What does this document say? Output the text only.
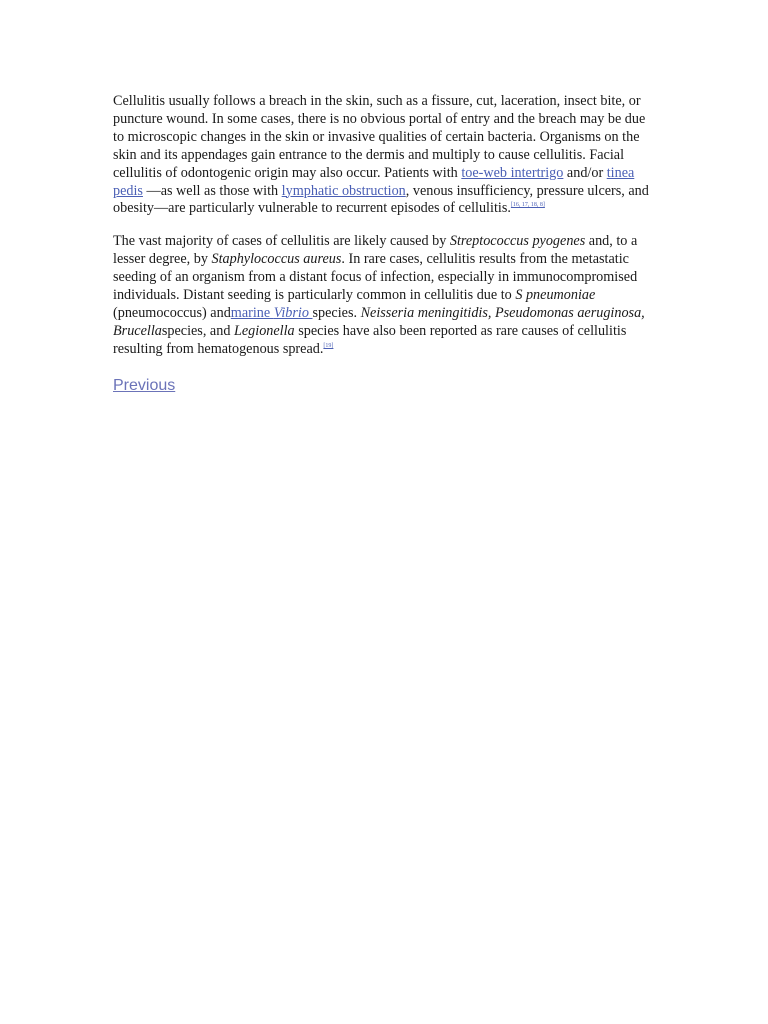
Cellulitis usually follows a breach in the skin, such as a fissure, cut, laceration, insect bite, or puncture wound. In some cases, there is no obvious portal of entry and the breach may be due to microscopic changes in the skin or invasive qualities of certain bacteria. Organisms on the skin and its appendages gain entrance to the dermis and multiply to cause cellulitis. Facial cellulitis of odontogenic origin may also occur. Patients with toe-web intertrigo and/or tinea pedis —as well as those with lymphatic obstruction, venous insufficiency, pressure ulcers, and obesity—are particularly vulnerable to recurrent episodes of cellulitis.[16, 17, 18, 8]

The vast majority of cases of cellulitis are likely caused by Streptococcus pyogenes and, to a lesser degree, by Staphylococcus aureus. In rare cases, cellulitis results from the metastatic seeding of an organism from a distant focus of infection, especially in immunocompromised individuals. Distant seeding is particularly common in cellulitis due to S pneumoniae (pneumococcus) andmarine Vibrio species. Neisseria meningitidis, Pseudomonas aeruginosa, Brucellaspecies, and Legionella species have also been reported as rare causes of cellulitis resulting from hematogenous spread.[19]

Previous
